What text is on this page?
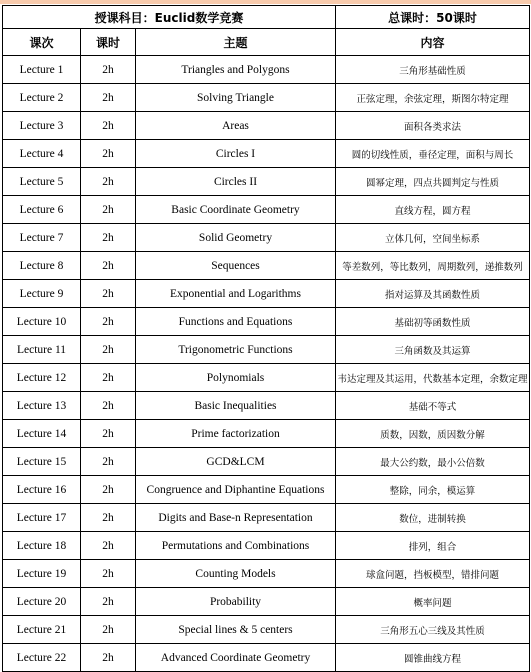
授课科目：Euclid数学竞赛			总课时：50课时
课次	课时	主题	内容
Lecture 1	2h	Triangles and Polygons	三角形基础性质
Lecture 2	2h	Solving Triangle	正弦定理，余弦定理，斯图尔特定理
Lecture 3	2h	Areas	面积各类求法
Lecture 4	2h	Circles I	圆的切线性质，垂径定理，面积与周长
Lecture 5	2h	Circles II	圆幂定理，四点共圆判定与性质
Lecture 6	2h	Basic Coordinate Geometry	直线方程，圆方程
Lecture 7	2h	Solid Geometry	立体几何，空间坐标系
Lecture 8	2h	Sequences	等差数列，等比数列，周期数列，递推数列
Lecture 9	2h	Exponential and Logarithms	指对运算及其函数性质
Lecture 10	2h	Functions and Equations	基础初等函数性质
Lecture 11	2h	Trigonometric Functions	三角函数及其运算
Lecture 12	2h	Polynomials	韦达定理及其运用，代数基本定理，余数定理
Lecture 13	2h	Basic Inequalities	基础不等式
Lecture 14	2h	Prime factorization	质数，因数，质因数分解
Lecture 15	2h	GCD&LCM	最大公约数，最小公倍数
Lecture 16	2h	Congruence and Diphantine Equations	整除，同余，模运算
Lecture 17	2h	Digits and Base-n Representation	数位，进制转换
Lecture 18	2h	Permutations and Combinations	排列，组合
Lecture 19	2h	Counting Models	球盒问题，挡板模型，错排问题
Lecture 20	2h	Probability	概率问题
Lecture 21	2h	Special lines & 5 centers	三角形五心三线及其性质
Lecture 22	2h	Advanced Coordinate Geometry	圆锥曲线方程
